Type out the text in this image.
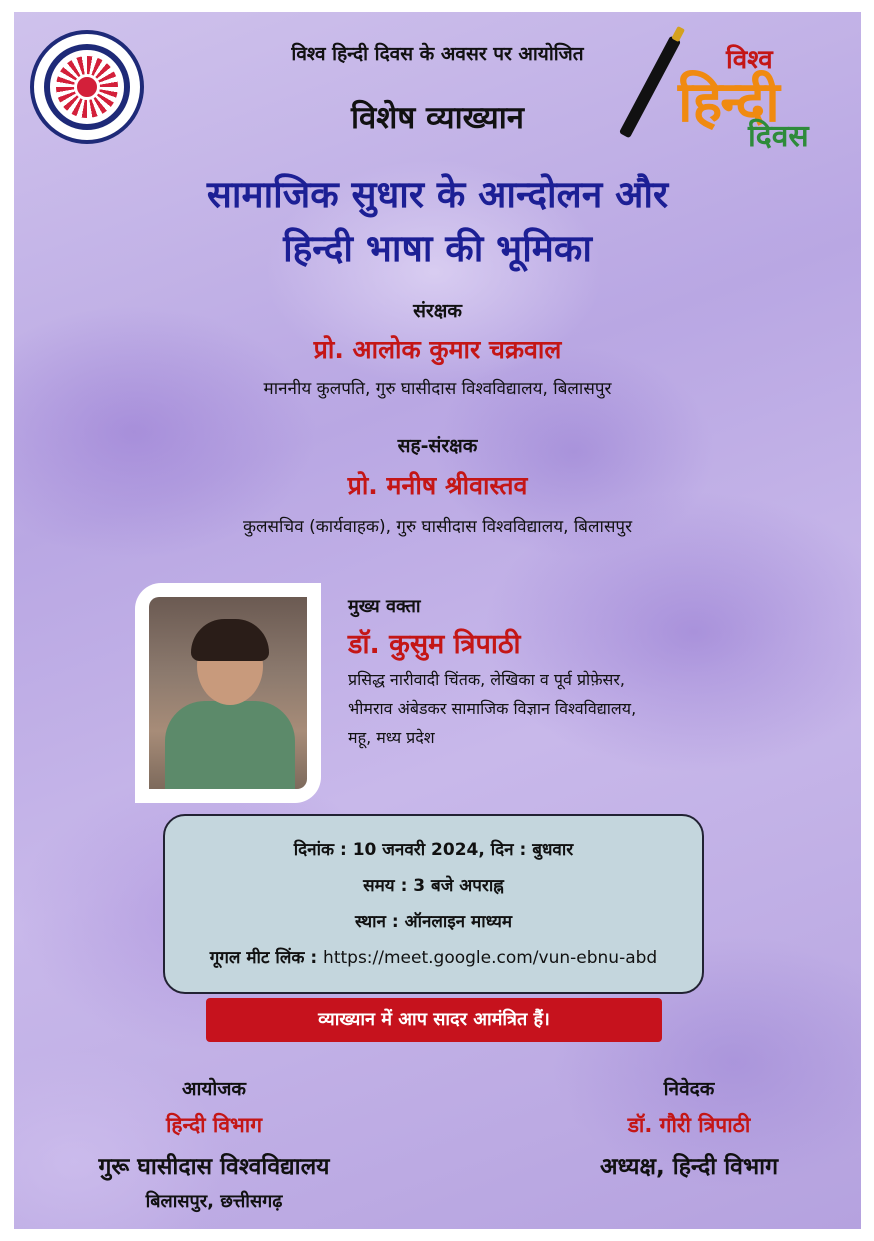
विश्व
हिन्दी
दिवस
विश्व हिन्दी दिवस के अवसर पर आयोजित
विशेष व्याख्यान
सामाजिक सुधार के आन्दोलन और
हिन्दी भाषा की भूमिका
संरक्षक
प्रो. आलोक कुमार चक्रवाल
माननीय कुलपति, गुरु घासीदास विश्वविद्यालय, बिलासपुर
सह-संरक्षक
प्रो. मनीष श्रीवास्तव
कुलसचिव (कार्यवाहक), गुरु घासीदास विश्वविद्यालय, बिलासपुर
मुख्य वक्ता
डॉ. कुसुम त्रिपाठी
प्रसिद्ध नारीवादी चिंतक, लेखिका व पूर्व प्रोफ़ेसर,
भीमराव अंबेडकर सामाजिक विज्ञान विश्वविद्यालय,
महू, मध्य प्रदेश
दिनांक : 10 जनवरी 2024, दिन : बुधवार
समय : 3 बजे अपराह्न
स्थान : ऑनलाइन माध्यम
गूगल मीट लिंक : https://meet.google.com/vun-ebnu-abd
व्याख्यान में आप सादर आमंत्रित हैं।
आयोजक
हिन्दी विभाग
गुरू घासीदास विश्वविद्यालय
बिलासपुर, छत्तीसगढ़
निवेदक
डॉ. गौरी त्रिपाठी
अध्यक्ष, हिन्दी विभाग
